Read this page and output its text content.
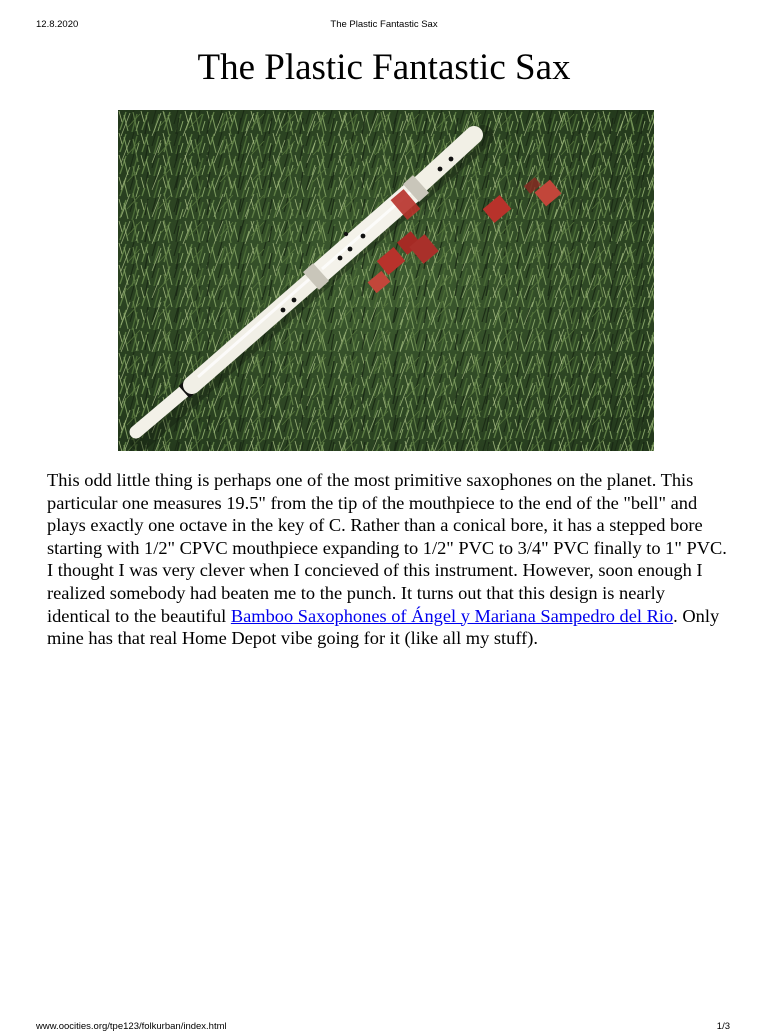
12.8.2020	The Plastic Fantastic Sax
The Plastic Fantastic Sax

This odd little thing is perhaps one of the most primitive saxophones on the planet. This particular one measures 19.5" from the tip of the mouthpiece to the end of the "bell" and plays exactly one octave in the key of C. Rather than a conical bore, it has a stepped bore starting with 1/2" CPVC mouthpiece expanding to 1/2" PVC to 3/4" PVC finally to 1" PVC. I thought I was very clever when I concieved of this instrument. However, soon enough I realized somebody had beaten me to the punch. It turns out that this design is nearly identical to the beautiful Bamboo Saxophones of Ángel y Mariana Sampedro del Rio. Only mine has that real Home Depot vibe going for it (like all my stuff).

www.oocities.org/tpe123/folkurban/index.html	1/3
